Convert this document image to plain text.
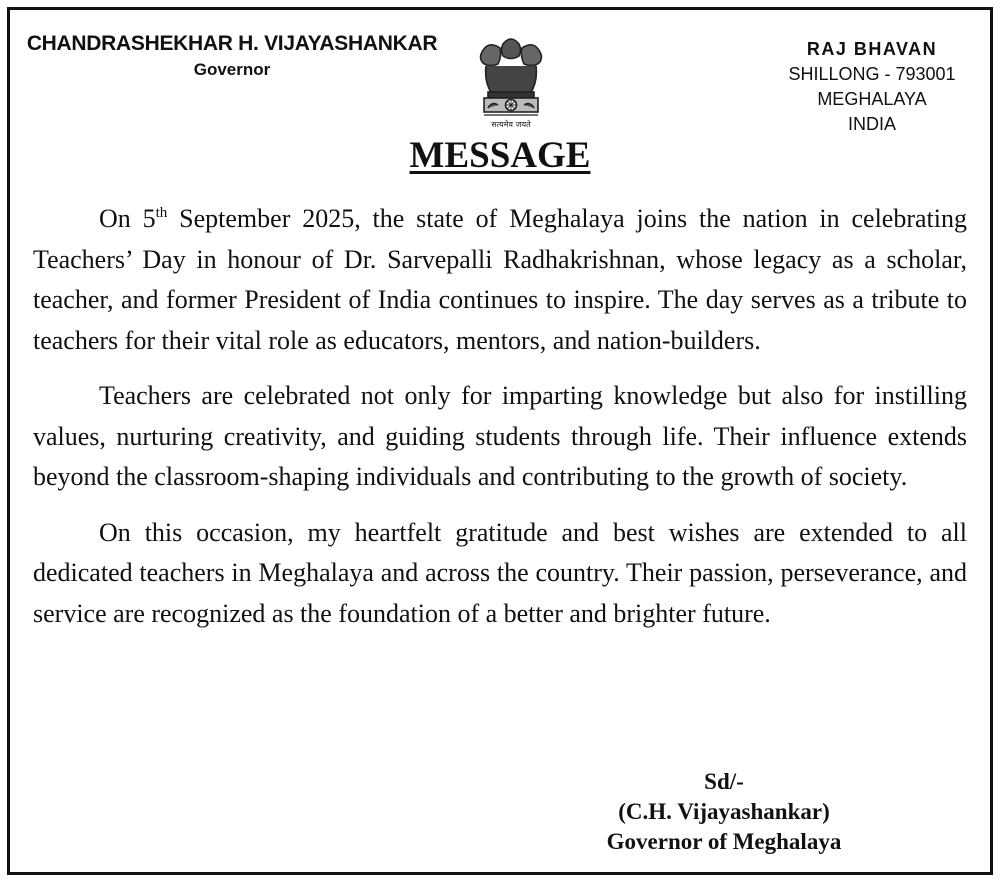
CHANDRASHEKHAR H. VIJAYASHANKAR
Governor
सत्यमेव जयते
RAJ BHAVAN
SHILLONG - 793001
MEGHALAYA
INDIA
MESSAGE

On 5th September 2025, the state of Meghalaya joins the nation in celebrating Teachers’ Day in honour of Dr. Sarvepalli Radhakrishnan, whose legacy as a scholar, teacher, and former President of India continues to inspire. The day serves as a tribute to teachers for their vital role as educators, mentors, and nation-builders.

Teachers are celebrated not only for imparting knowledge but also for instilling values, nurturing creativity, and guiding students through life. Their influence extends beyond the classroom-shaping individuals and contributing to the growth of society.

On this occasion, my heartfelt gratitude and best wishes are extended to all dedicated teachers in Meghalaya and across the country. Their passion, perseverance, and service are recognized as the foundation of a better and brighter future.

Sd/-
(C.H. Vijayashankar)
Governor of Meghalaya
